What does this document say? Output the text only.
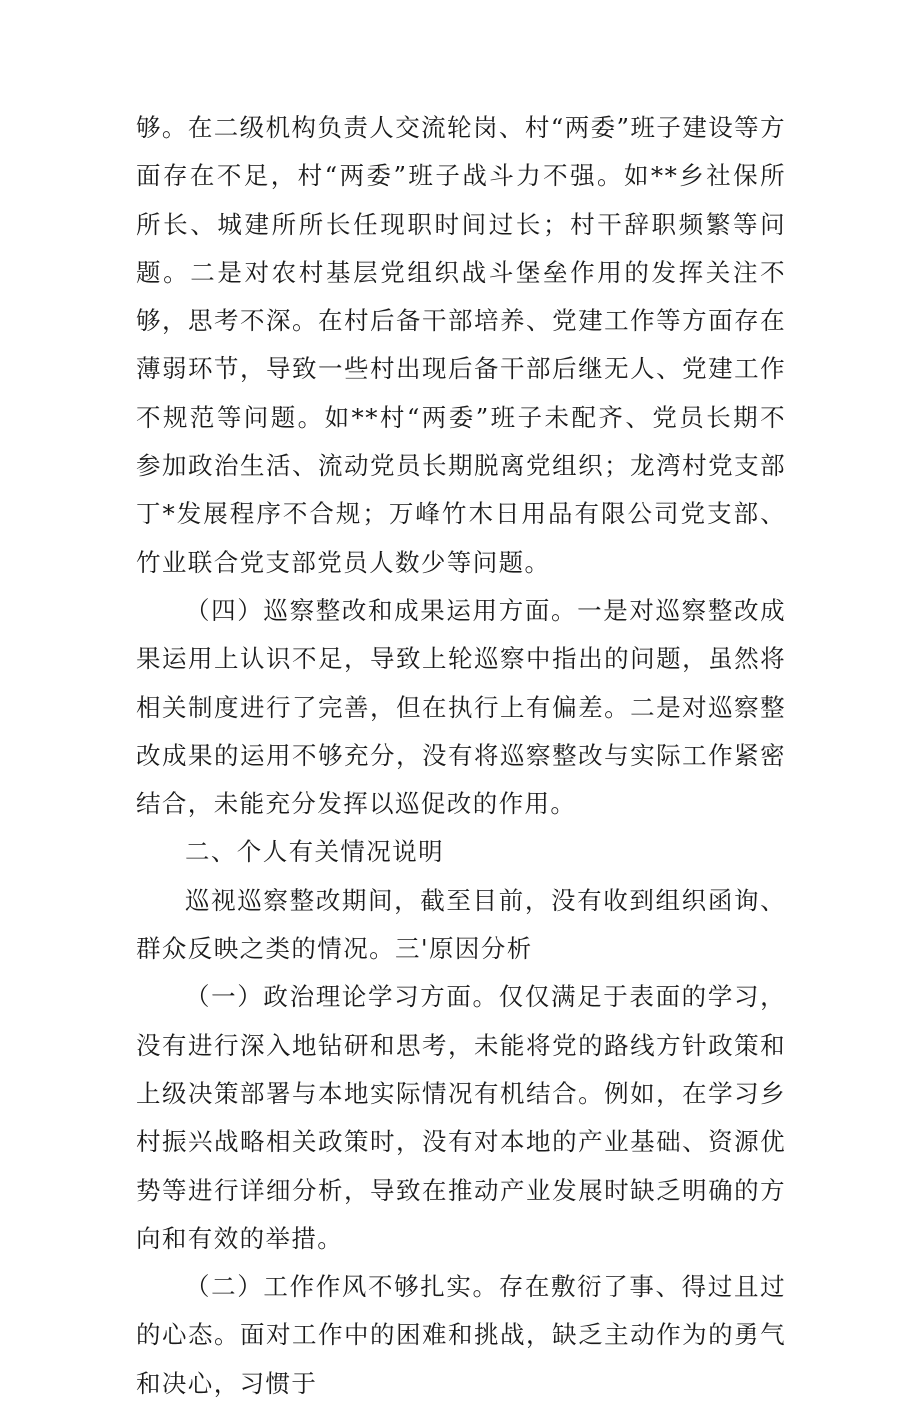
够。在二级机构负责人交流轮岗、村“两委”班子建设等方面存在不足，村“两委”班子战斗力不强。如**乡社保所所长、城建所所长任现职时间过长；村干辞职频繁等问题。二是对农村基层党组织战斗堡垒作用的发挥关注不够，思考不深。在村后备干部培养、党建工作等方面存在薄弱环节，导致一些村出现后备干部后继无人、党建工作不规范等问题。如**村“两委”班子未配齐、党员长期不参加政治生活、流动党员长期脱离党组织；龙湾村党支部丁*发展程序不合规；万峰竹木日用品有限公司党支部、竹业联合党支部党员人数少等问题。

（四）巡察整改和成果运用方面。一是对巡察整改成果运用上认识不足，导致上轮巡察中指出的问题，虽然将相关制度进行了完善，但在执行上有偏差。二是对巡察整改成果的运用不够充分，没有将巡察整改与实际工作紧密结合，未能充分发挥以巡促改的作用。

二、个人有关情况说明

巡视巡察整改期间，截至目前，没有收到组织函询、群众反映之类的情况。三'原因分析

（一）政治理论学习方面。仅仅满足于表面的学习，没有进行深入地钻研和思考，未能将党的路线方针政策和上级决策部署与本地实际情况有机结合。例如，在学习乡村振兴战略相关政策时，没有对本地的产业基础、资源优势等进行详细分析，导致在推动产业发展时缺乏明确的方向和有效的举措。

（二）工作作风不够扎实。存在敷衍了事、得过且过的心态。面对工作中的困难和挑战，缺乏主动作为的勇气和决心，习惯于
